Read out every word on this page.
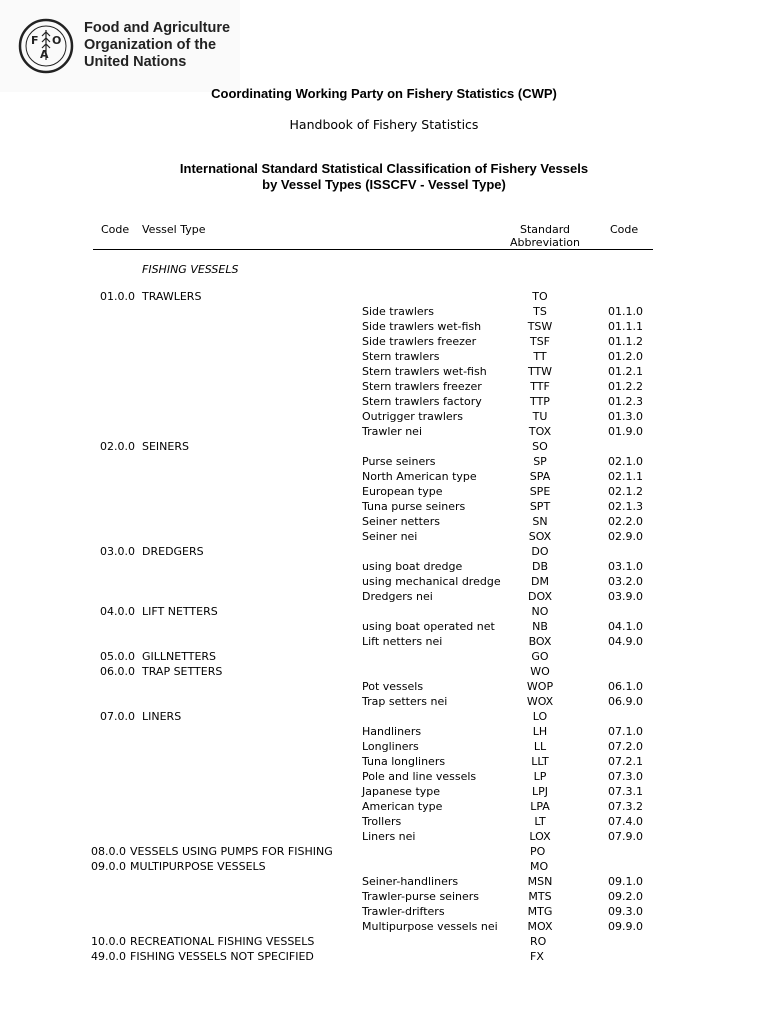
F
A
O
Food and Agriculture
Organization of the
United Nations
Coordinating Working Party on Fishery Statistics (CWP)
Handbook of Fishery Statistics
International Standard Statistical Classification of Fishery Vessels
by Vessel Types (ISSCFV - Vessel Type)
Code Vessel Type	Standard
Abbreviation
Code
FISHING VESSELS
01.0.0 TRAWLERS	TO
Side trawlers	TS	01.1.0
Side trawlers wet-fish	TSW	01.1.1
Side trawlers freezer	TSF	01.1.2
Stern trawlers	TT	01.2.0
Stern trawlers wet-fish	TTW	01.2.1
Stern trawlers freezer	TTF	01.2.2
Stern trawlers factory	TTP	01.2.3
Outrigger trawlers	TU	01.3.0
Trawler nei	TOX	01.9.0
02.0.0 SEINERS	SO
Purse seiners	SP	02.1.0
North American type	SPA	02.1.1
European type	SPE	02.1.2
Tuna purse seiners	SPT	02.1.3
Seiner netters	SN	02.2.0
Seiner nei	SOX	02.9.0
03.0.0 DREDGERS	DO
using boat dredge	DB	03.1.0
using mechanical dredge	DM	03.2.0
Dredgers nei	DOX	03.9.0
04.0.0 LIFT NETTERS	NO
using boat operated net	NB	04.1.0
Lift netters nei	BOX	04.9.0
05.0.0 GILLNETTERS	GO
06.0.0 TRAP SETTERS	WO
Pot vessels	WOP	06.1.0
Trap setters nei	WOX	06.9.0
07.0.0 LINERS	LO
Handliners	LH	07.1.0
Longliners	LL	07.2.0
Tuna longliners	LLT	07.2.1
Pole and line vessels	LP	07.3.0
Japanese type	LPJ	07.3.1
American type	LPA	07.3.2
Trollers	LT	07.4.0
Liners nei	LOX	07.9.0
08.0.0 VESSELS USING PUMPS FOR FISHING	PO
09.0.0 MULTIPURPOSE VESSELS	MO
Seiner-handliners	MSN	09.1.0
Trawler-purse seiners	MTS	09.2.0
Trawler-drifters	MTG	09.3.0
Multipurpose vessels nei	MOX	09.9.0
10.0.0 RECREATIONAL FISHING VESSELS	RO
49.0.0 FISHING VESSELS NOT SPECIFIED	FX
